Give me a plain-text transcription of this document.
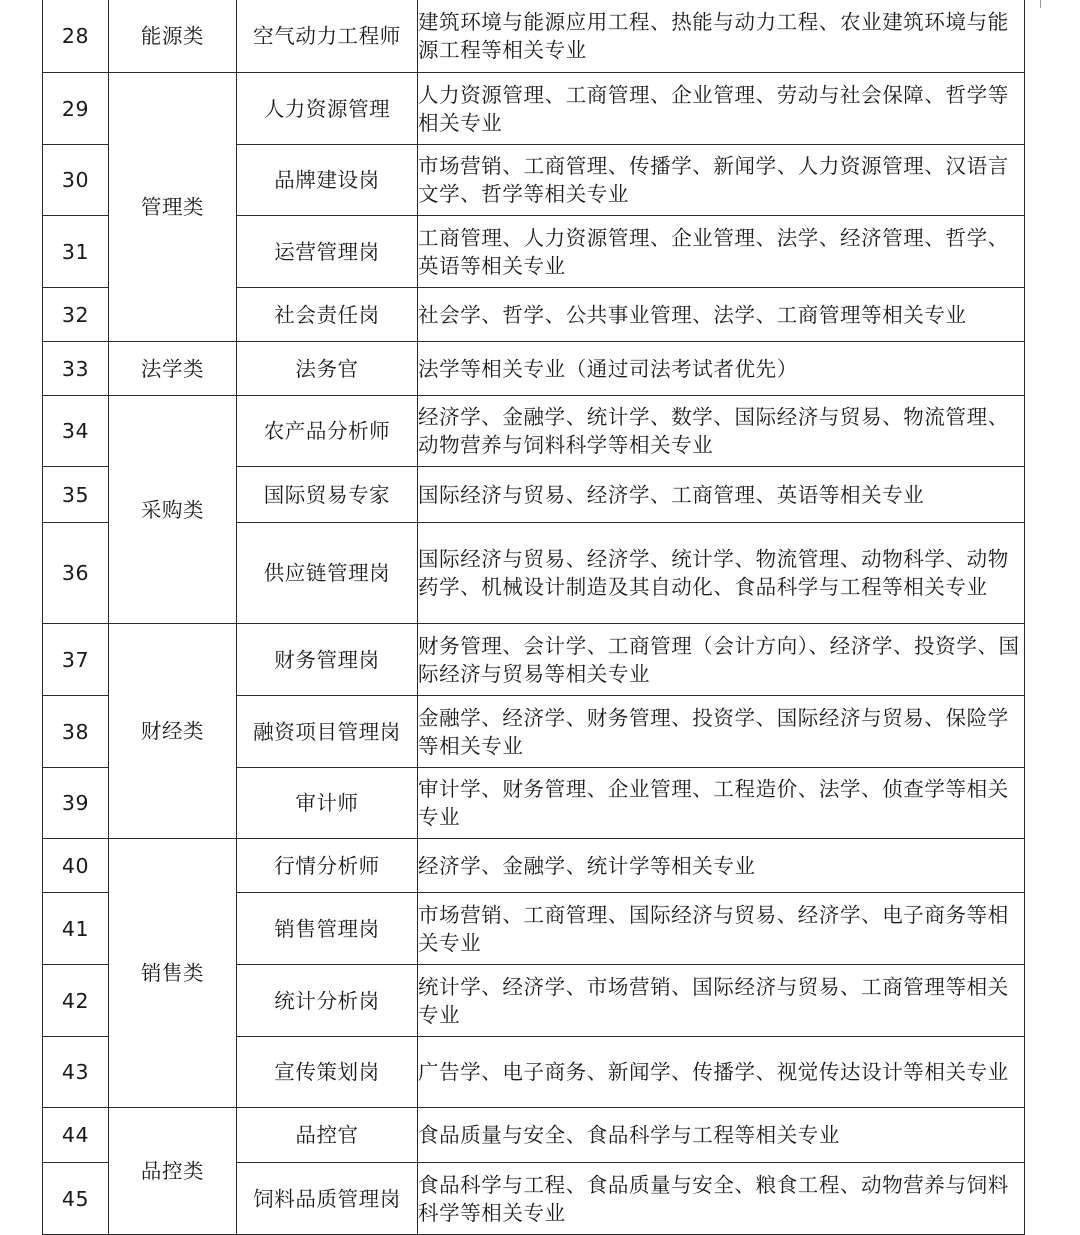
28	能源类	空气动力工程师	建筑环境与能源应用工程、热能与动力工程、农业建筑环境与能源工程等相关专业
29	管理类	人力资源管理	人力资源管理、工商管理、企业管理、劳动与社会保障、哲学等相关专业
30		品牌建设岗	市场营销、工商管理、传播学、新闻学、人力资源管理、汉语言文学、哲学等相关专业
31		运营管理岗	工商管理、人力资源管理、企业管理、法学、经济管理、哲学、英语等相关专业
32		社会责任岗	社会学、哲学、公共事业管理、法学、工商管理等相关专业
33	法学类	法务官	法学等相关专业（通过司法考试者优先）
34	采购类	农产品分析师	经济学、金融学、统计学、数学、国际经济与贸易、物流管理、动物营养与饲料科学等相关专业
35		国际贸易专家	国际经济与贸易、经济学、工商管理、英语等相关专业
36		供应链管理岗	国际经济与贸易、经济学、统计学、物流管理、动物科学、动物药学、机械设计制造及其自动化、食品科学与工程等相关专业
37	财经类	财务管理岗	财务管理、会计学、工商管理（会计方向）、经济学、投资学、国际经济与贸易等相关专业
38		融资项目管理岗	金融学、经济学、财务管理、投资学、国际经济与贸易、保险学等相关专业
39		审计师	审计学、财务管理、企业管理、工程造价、法学、侦查学等相关专业
40	销售类	行情分析师	经济学、金融学、统计学等相关专业
41		销售管理岗	市场营销、工商管理、国际经济与贸易、经济学、电子商务等相关专业
42		统计分析岗	统计学、经济学、市场营销、国际经济与贸易、工商管理等相关专业
43		宣传策划岗	广告学、电子商务、新闻学、传播学、视觉传达设计等相关专业
44	品控类	品控官	食品质量与安全、食品科学与工程等相关专业
45		饲料品质管理岗	食品科学与工程、食品质量与安全、粮食工程、动物营养与饲料科学等相关专业
